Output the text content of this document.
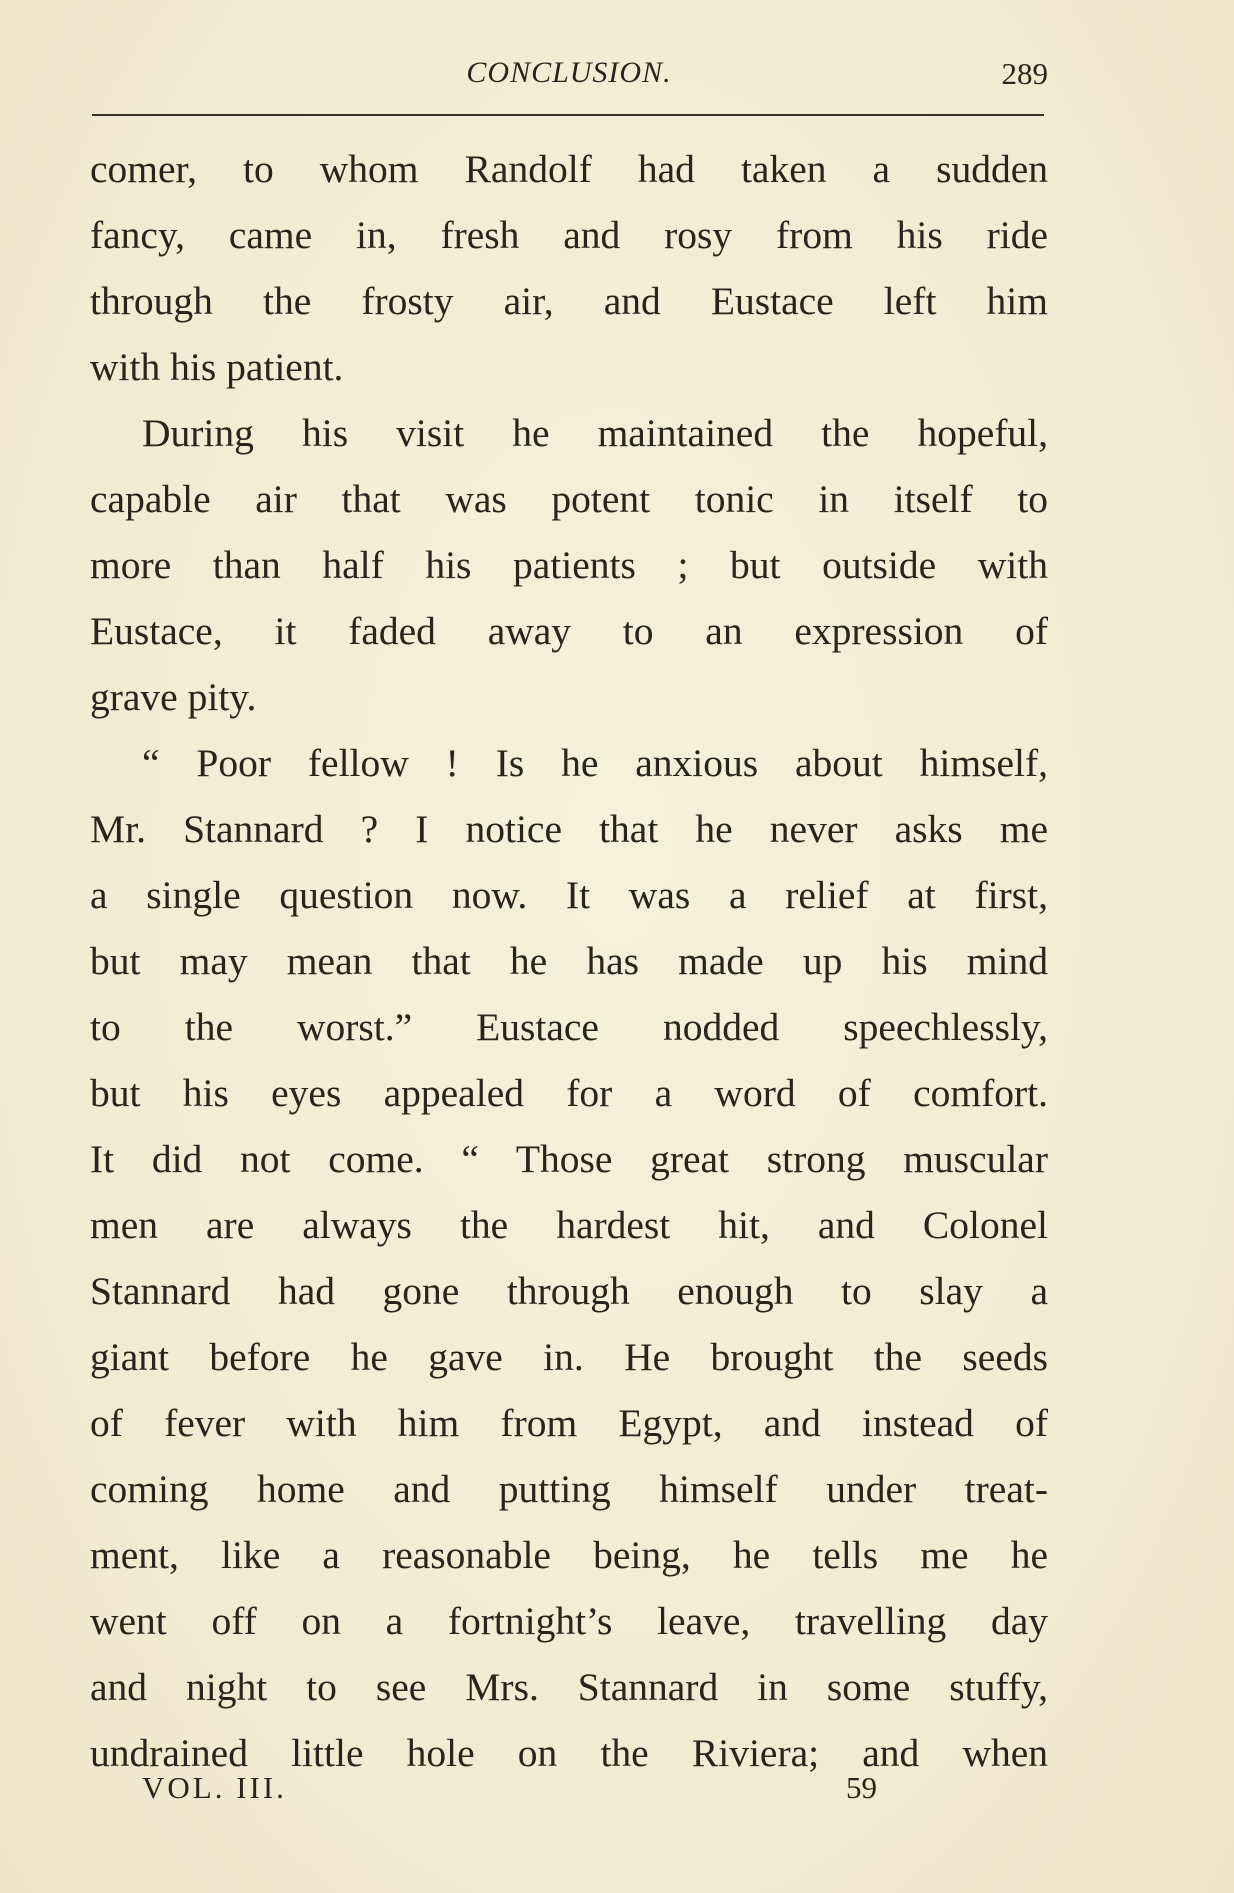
CONCLUSION.	289
comer, to whom Randolf had taken a sudden
fancy, came in, fresh and rosy from his ride
through the frosty air, and Eustace left him
with his patient.
During his visit he maintained the hopeful,
capable air that was potent tonic in itself to
more than half his patients ; but outside with
Eustace, it faded away to an expression of
grave pity.
“ Poor fellow ! Is he anxious about himself,
Mr. Stannard ? I notice that he never asks me
a single question now. It was a relief at first,
but may mean that he has made up his mind
to the worst.” Eustace nodded speechlessly,
but his eyes appealed for a word of comfort.
It did not come. “ Those great strong muscular
men are always the hardest hit, and Colonel
Stannard had gone through enough to slay a
giant before he gave in. He brought the seeds
of fever with him from Egypt, and instead of
coming home and putting himself under treat-
ment, like a reasonable being, he tells me he
went off on a fortnight’s leave, travelling day
and night to see Mrs. Stannard in some stuffy,
undrained little hole on the Riviera; and when
VOL. III.	59
